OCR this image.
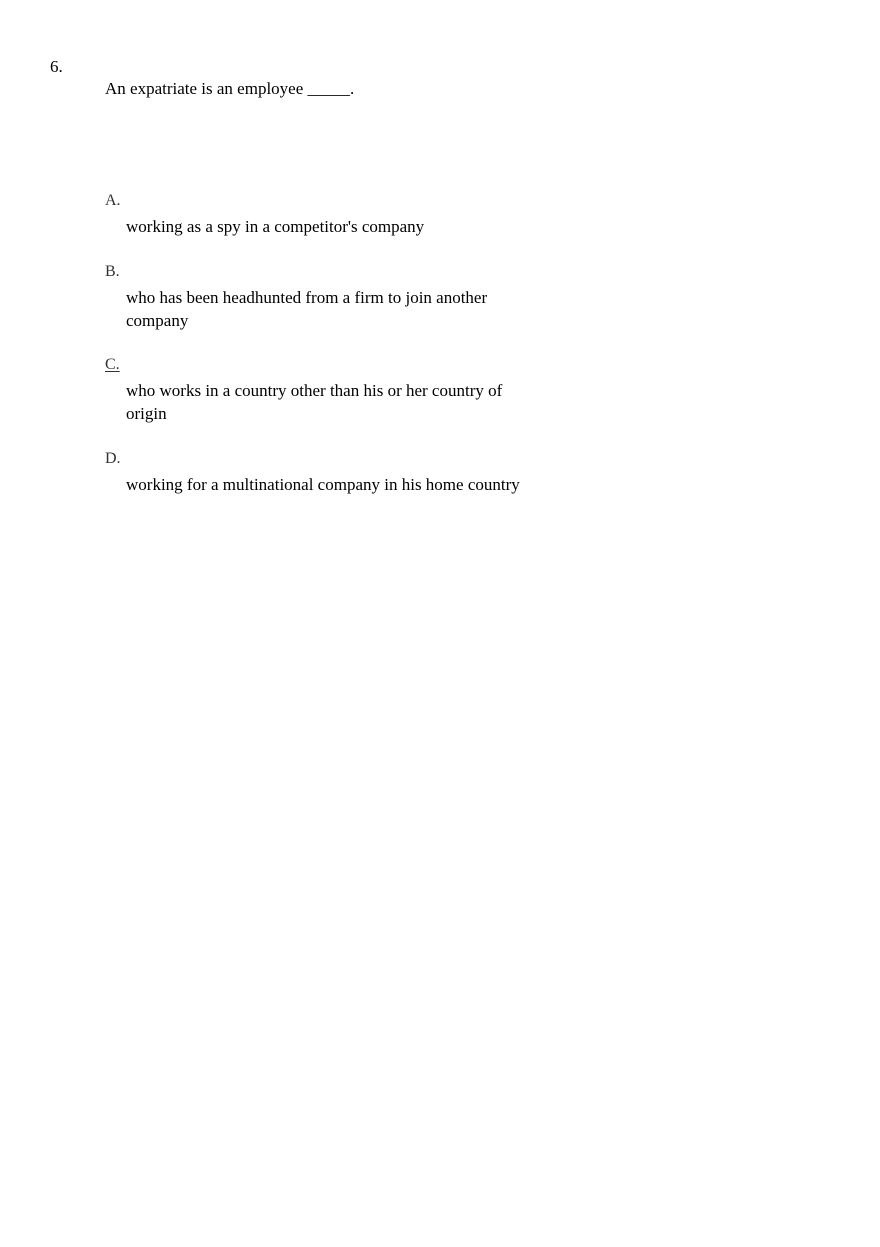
6.
An expatriate is an employee _____.
A.
working as a spy in a competitor's company
B.
who has been headhunted from a firm to join another company
C.
who works in a country other than his or her country of origin
D.
working for a multinational company in his home country
